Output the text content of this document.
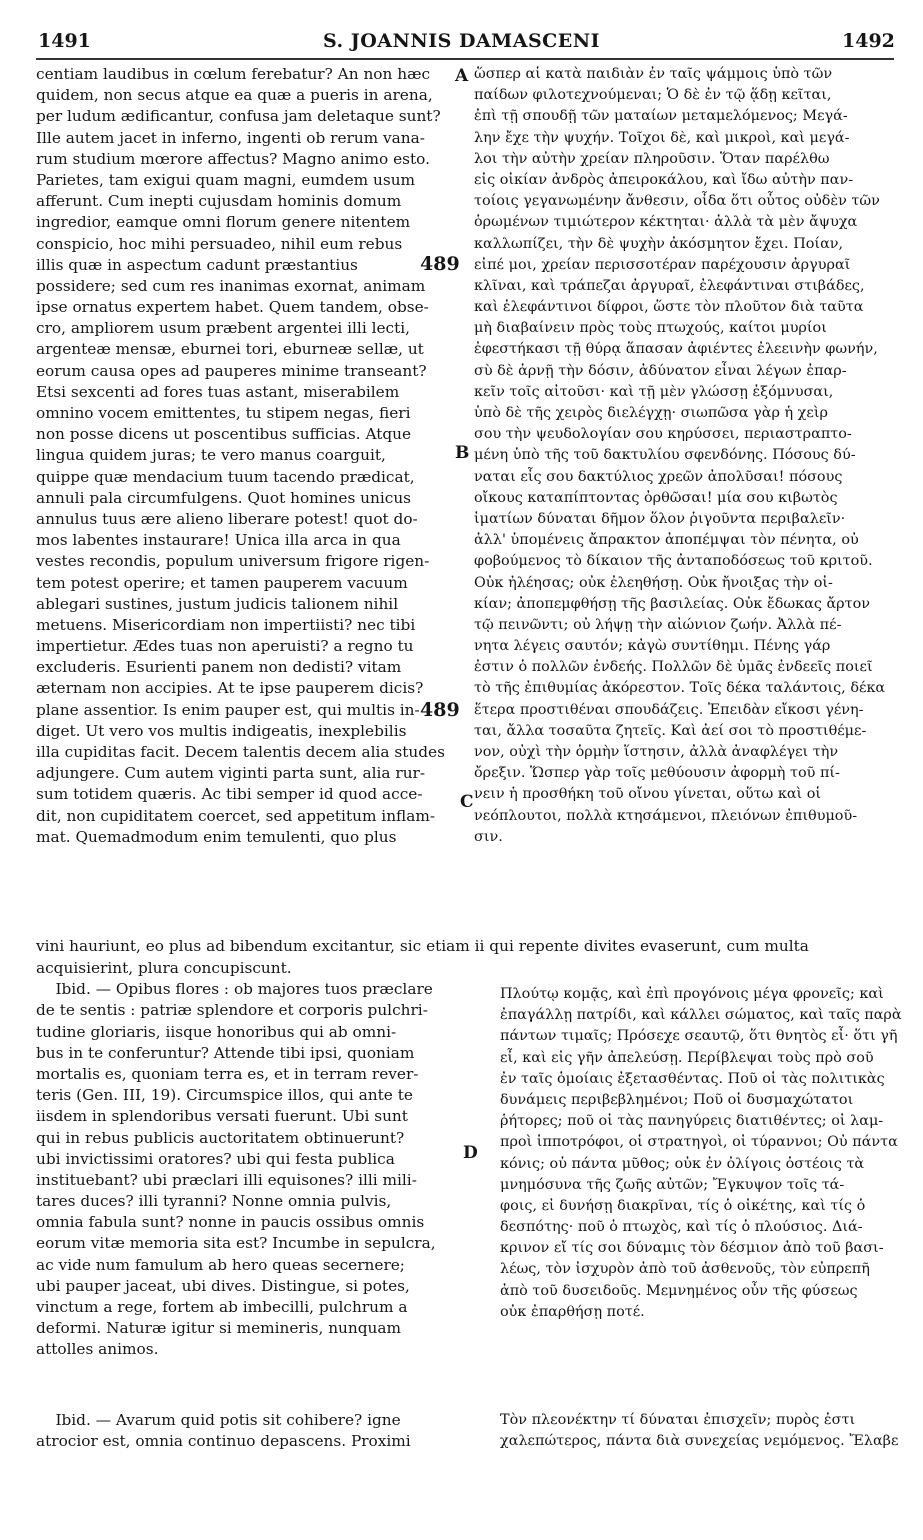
1491	S. JOANNIS DAMASCENI	1492
centiam laudibus in cœlum ferebatur? An non hæc
quidem, non secus atque ea quæ a pueris in arena,
per ludum ædificantur, confusa jam deletaque sunt?
Ille autem jacet in inferno, ingenti ob rerum vana-
rum studium mœrore affectus? Magno animo esto.
Parietes, tam exigui quam magni, eumdem usum
afferunt. Cum inepti cujusdam hominis domum
ingredior, eamque omni florum genere nitentem
conspicio, hoc mihi persuadeo, nihil eum rebus
illis quæ in aspectum cadunt præstantius
possidere; sed cum res inanimas exornat, animam
ipse ornatus expertem habet. Quem tandem, obse-
cro, ampliorem usum præbent argentei illi lecti,
argenteæ mensæ, eburnei tori, eburneæ sellæ, ut
eorum causa opes ad pauperes minime transeant?
Etsi sexcenti ad fores tuas astant, miserabilem
omnino vocem emittentes, tu stipem negas, fieri
non posse dicens ut poscentibus sufficias. Atque
lingua quidem juras; te vero manus coarguit,
quippe quæ mendacium tuum tacendo prædicat,
annuli pala circumfulgens. Quot homines unicus
annulus tuus ære alieno liberare potest! quot do-
mos labentes instaurare! Unica illa arca in qua
vestes recondis, populum universum frigore rigen-
tem potest operire; et tamen pauperem vacuum
ablegari sustines, justum judicis talionem nihil
metuens. Misericordiam non impertiisti? nec tibi
impertietur. Ædes tuas non aperuisti? a regno tu
excluderis. Esurienti panem non dedisti? vitam
æternam non accipies. At te ipse pauperem dicis?
plane assentior. Is enim pauper est, qui multis in-
diget. Ut vero vos multis indigeatis, inexplebilis
illa cupiditas facit. Decem talentis decem alia studes
adjungere. Cum autem viginti parta sunt, alia rur-
sum totidem quæris. Ac tibi semper id quod acce-
dit, non cupiditatem coercet, sed appetitum inflam-
mat. Quemadmodum enim temulenti, quo plus
ὥσπερ αἱ κατὰ παιδιὰν ἐν ταῖς ψάμμοις ὑπὸ τῶν
παίδων φιλοτεχνούμεναι; Ὁ δὲ ἐν τῷ ᾅδῃ κεῖται,
ἐπὶ τῇ σπουδῇ τῶν ματαίων μεταμελόμενος; Μεγά-
λην ἔχε τὴν ψυχήν. Τοῖχοι δὲ, καὶ μικροὶ, καὶ μεγά-
λοι τὴν αὐτὴν χρείαν πληροῦσιν. Ὅταν παρέλθω
εἰς οἰκίαν ἀνδρὸς ἀπειροκάλου, καὶ ἴδω αὐτὴν παν-
τοίοις γεγανωμένην ἄνθεσιν, οἶδα ὅτι οὗτος οὐδὲν τῶν
ὁρωμένων τιμιώτερον κέκτηται· ἀλλὰ τὰ μὲν ἄψυχα
καλλωπίζει, τὴν δὲ ψυχὴν ἀκόσμητον ἔχει. Ποίαν,
εἰπέ μοι, χρείαν περισσοτέραν παρέχουσιν ἀργυραῖ
κλῖναι, καὶ τράπεζαι ἀργυραῖ, ἐλεφάντιναι στιβάδες,
καὶ ἐλεφάντινοι δίφροι, ὥστε τὸν πλοῦτον διὰ ταῦτα
μὴ διαβαίνειν πρὸς τοὺς πτωχούς, καίτοι μυρίοι
ἐφεστήκασι τῇ θύρᾳ ἅπασαν ἀφιέντες ἐλεεινὴν φωνήν,
σὺ δὲ ἀρνῇ τὴν δόσιν, ἀδύνατον εἶναι λέγων ἐπαρ-
κεῖν τοῖς αἰτοῦσι· καὶ τῇ μὲν γλώσσῃ ἐξόμνυσαι,
ὑπὸ δὲ τῆς χειρὸς διελέγχῃ· σιωπῶσα γὰρ ἡ χεὶρ
σου τὴν ψευδολογίαν σου κηρύσσει, περιαστραπτο-
μένη ὑπὸ τῆς τοῦ δακτυλίου σφενδόνης. Πόσους δύ-
ναται εἷς σου δακτύλιος χρεῶν ἀπολῦσαι! πόσους
οἴκους καταπίπτοντας ὀρθῶσαι! μία σου κιβωτὸς
ἱματίων δύναται δῆμον ὅλον ῥιγοῦντα περιβαλεῖν·
ἀλλ' ὑπομένεις ἄπρακτον ἀποπέμψαι τὸν πένητα, οὐ
φοβούμενος τὸ δίκαιον τῆς ἀνταποδόσεως τοῦ κριτοῦ.
Οὐκ ἠλέησας; οὐκ ἐλεηθήσῃ. Οὐκ ἤνοιξας τὴν οἰ-
κίαν; ἀποπεμφθήσῃ τῆς βασιλείας. Οὐκ ἔδωκας ἄρτον
τῷ πεινῶντι; οὐ λήψῃ τὴν αἰώνιον ζωήν. Ἀλλὰ πέ-
νητα λέγεις σαυτόν; κἀγὼ συντίθημι. Πένης γάρ
ἐστιν ὁ πολλῶν ἐνδεής. Πολλῶν δὲ ὑμᾶς ἐνδεεῖς ποιεῖ
τὸ τῆς ἐπιθυμίας ἀκόρεστον. Τοῖς δέκα ταλάντοις, δέκα
ἕτερα προστιθέναι σπουδάζεις. Ἐπειδὰν εἴκοσι γένη-
ται, ἄλλα τοσαῦτα ζητεῖς. Καὶ ἀεί σοι τὸ προστιθέμε-
νον, οὐχὶ τὴν ὁρμὴν ἵστησιν, ἀλλὰ ἀναφλέγει τὴν
ὄρεξιν. Ὥσπερ γὰρ τοῖς μεθύουσιν ἀφορμὴ τοῦ πί-
νειν ἡ προσθήκη τοῦ οἴνου γίνεται, οὕτω καὶ οἱ
νεόπλουτοι, πολλὰ κτησάμενοι, πλειόνων ἐπιθυμοῦ-
σιν.
vini hauriunt, eo plus ad bibendum excitantur, sic etiam ii qui repente divites evaserunt, cum multa
acquisierint, plura concupiscunt.
Ibid. — Opibus flores : ob majores tuos præclare
de te sentis : patriæ splendore et corporis pulchri-
tudine gloriaris, iisque honoribus qui ab omni-
bus in te conferuntur? Attende tibi ipsi, quoniam
mortalis es, quoniam terra es, et in terram rever-
teris (Gen. III, 19). Circumspice illos, qui ante te
iisdem in splendoribus versati fuerunt. Ubi sunt
qui in rebus publicis auctoritatem obtinuerunt?
ubi invictissimi oratores? ubi qui festa publica
instituebant? ubi præclari illi equisones? illi mili-
tares duces? illi tyranni? Nonne omnia pulvis,
omnia fabula sunt? nonne in paucis ossibus omnis
eorum vitæ memoria sita est? Incumbe in sepulcra,
ac vide num famulum ab hero queas secernere;
ubi pauper jaceat, ubi dives. Distingue, si potes,
vinctum a rege, fortem ab imbecilli, pulchrum a
deformi. Naturæ igitur si memineris, nunquam
attolles animos.
Πλούτῳ κομᾷς, καὶ ἐπὶ προγόνοις μέγα φρονεῖς; καὶ
ἐπαγάλλῃ πατρίδι, καὶ κάλλει σώματος, καὶ ταῖς παρὰ
πάντων τιμαῖς; Πρόσεχε σεαυτῷ, ὅτι θνητὸς εἶ· ὅτι γῆ
εἶ, καὶ εἰς γῆν ἀπελεύσῃ. Περίβλεψαι τοὺς πρὸ σοῦ
ἐν ταῖς ὁμοίαις ἐξετασθέντας. Ποῦ οἱ τὰς πολιτικὰς
δυνάμεις περιβεβλημένοι; Ποῦ οἱ δυσμαχώτατοι
ῥήτορες; ποῦ οἱ τὰς πανηγύρεις διατιθέντες; οἱ λαμ-
προὶ ἱπποτρόφοι, οἱ στρατηγοὶ, οἱ τύραννοι; Οὐ πάντα
κόνις; οὐ πάντα μῦθος; οὐκ ἐν ὀλίγοις ὀστέοις τὰ
μνημόσυνα τῆς ζωῆς αὐτῶν; Ἔγκυψον τοῖς τά-
φοις, εἰ δυνήσῃ διακρῖναι, τίς ὁ οἰκέτης, καὶ τίς ὁ
δεσπότης· ποῦ ὁ πτωχὸς, καὶ τίς ὁ πλούσιος. Διά-
κρινον εἴ τίς σοι δύναμις τὸν δέσμιον ἀπὸ τοῦ βασι-
λέως, τὸν ἰσχυρὸν ἀπὸ τοῦ ἀσθενοῦς, τὸν εὐπρεπῆ
ἀπὸ τοῦ δυσειδοῦς. Μεμνημένος οὖν τῆς φύσεως
οὐκ ἐπαρθήσῃ ποτέ.
Ibid. — Avarum quid potis sit cohibere? igne
atrocior est, omnia continuo depascens. Proximi
Τὸν πλεονέκτην τί δύναται ἐπισχεῖν; πυρὸς ἐστι
χαλεπώτερος, πάντα διὰ συνεχείας νεμόμενος. Ἔλαβε
A
B
C
D
489
489
